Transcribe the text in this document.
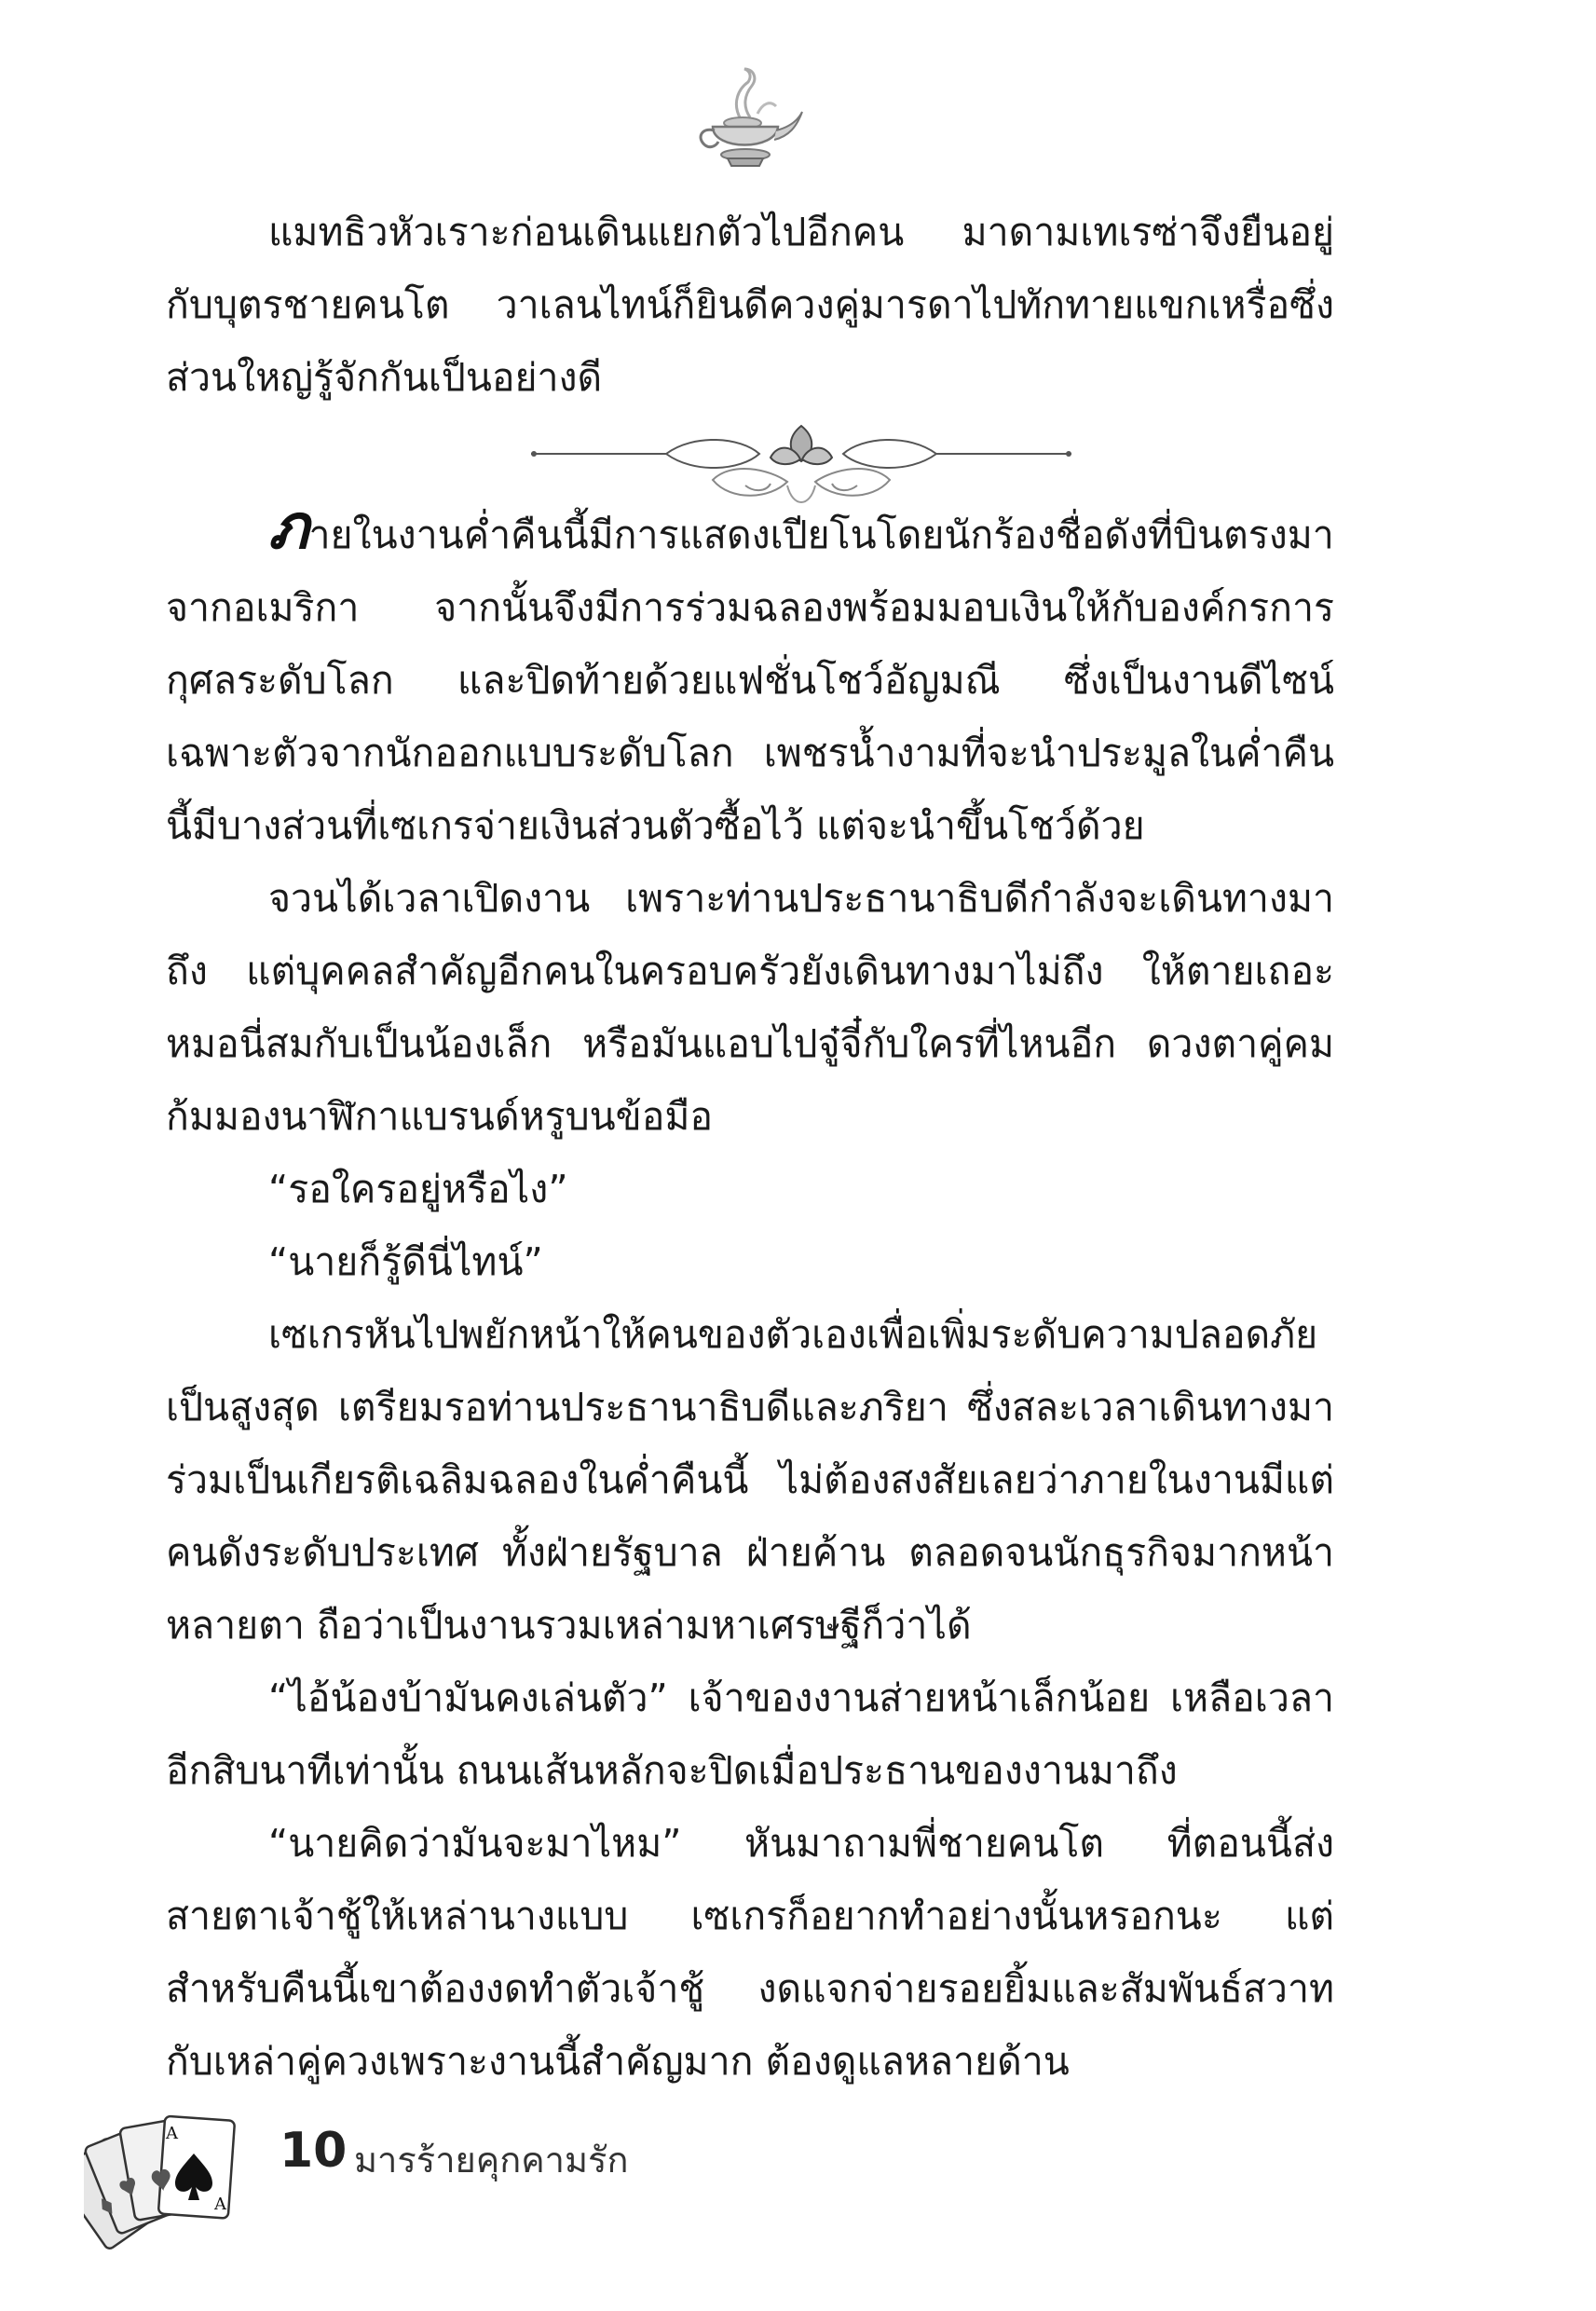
แมทธิวหัวเราะก่อนเดินแยกตัวไปอีกคน มาดามเทเรซ่าจึงยืนอยู่กับบุตรชายคนโต วาเลนไทน์ก็ยินดีควงคู่มารดาไปทักทายแขกเหรื่อซึ่งส่วนใหญ่รู้จักกันเป็นอย่างดี

ภายในงานค่ำคืนนี้มีการแสดงเปียโนโดยนักร้องชื่อดังที่บินตรงมาจากอเมริกา จากนั้นจึงมีการร่วมฉลองพร้อมมอบเงินให้กับองค์กรการกุศลระดับโลก และปิดท้ายด้วยแฟชั่นโชว์อัญมณี ซึ่งเป็นงานดีไซน์เฉพาะตัวจากนักออกแบบระดับโลก เพชรน้ำงามที่จะนำประมูลในค่ำคืนนี้มีบางส่วนที่เซเกรจ่ายเงินส่วนตัวซื้อไว้ แต่จะนำขึ้นโชว์ด้วย

จวนได้เวลาเปิดงาน เพราะท่านประธานาธิบดีกำลังจะเดินทางมาถึง แต่บุคคลสำคัญอีกคนในครอบครัวยังเดินทางมาไม่ถึง ให้ตายเถอะหมอนี่สมกับเป็นน้องเล็ก หรือมันแอบไปจู๋จี๋กับใครที่ไหนอีก ดวงตาคู่คมก้มมองนาฬิกาแบรนด์หรูบนข้อมือ

“รอใครอยู่หรือไง”

“นายก็รู้ดีนี่ไทน์”

เซเกรหันไปพยักหน้าให้คนของตัวเองเพื่อเพิ่มระดับความปลอดภัยเป็นสูงสุด เตรียมรอท่านประธานาธิบดีและภริยา ซึ่งสละเวลาเดินทางมาร่วมเป็นเกียรติเฉลิมฉลองในค่ำคืนนี้ ไม่ต้องสงสัยเลยว่าภายในงานมีแต่คนดังระดับประเทศ ทั้งฝ่ายรัฐบาล ฝ่ายค้าน ตลอดจนนักธุรกิจมากหน้าหลายตา ถือว่าเป็นงานรวมเหล่ามหาเศรษฐีก็ว่าได้

“ไอ้น้องบ้ามันคงเล่นตัว” เจ้าของงานส่ายหน้าเล็กน้อย เหลือเวลาอีกสิบนาทีเท่านั้น ถนนเส้นหลักจะปิดเมื่อประธานของงานมาถึง

“นายคิดว่ามันจะมาไหม” หันมาถามพี่ชายคนโต ที่ตอนนี้ส่งสายตาเจ้าชู้ให้เหล่านางแบบ เซเกรก็อยากทำอย่างนั้นหรอกนะ แต่สำหรับคืนนี้เขาต้องงดทำตัวเจ้าชู้ งดแจกจ่ายรอยยิ้มและสัมพันธ์สวาทกับเหล่าคู่ควงเพราะงานนี้สำคัญมาก ต้องดูแลหลายด้าน

A
A
10 มารร้ายคุกคามรัก
